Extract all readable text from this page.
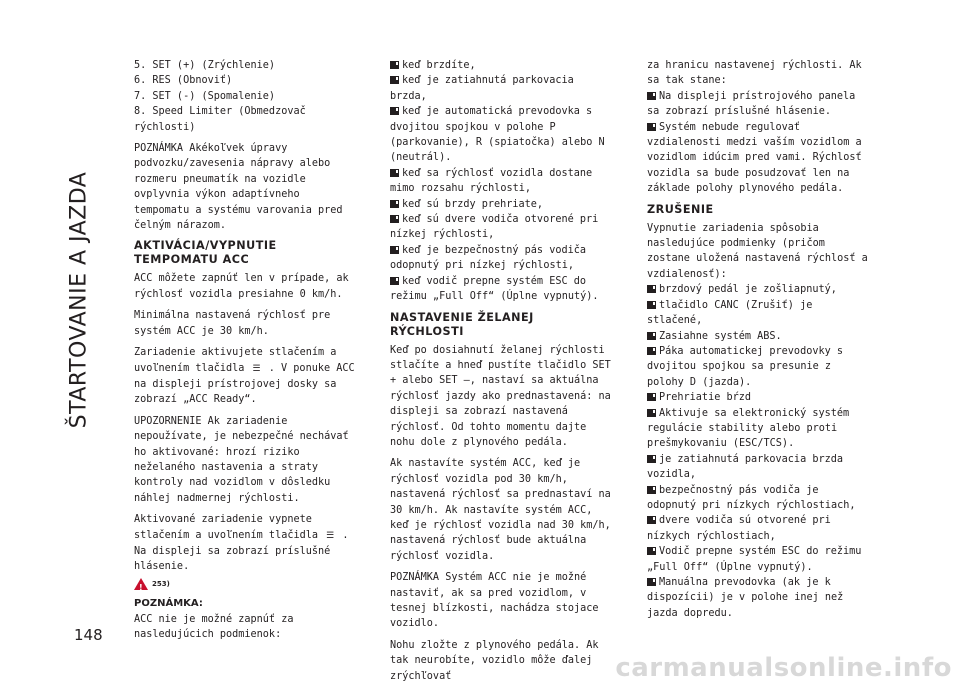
ŠTARTOVANIE A JAZDA
148
carmanualsonline.info
5. SET (+) (Zrýchlenie)
6. RES (Obnoviť)
7. SET (-) (Spomalenie)
8. Speed Limiter (Obmedzovač rýchlosti)
POZNÁMKA Akékoľvek úpravy podvozku/zavesenia nápravy alebo rozmeru pneumatík na vozidle ovplyvnia výkon adaptívneho tempomatu a systému varovania pred čelným nárazom.
AKTIVÁCIA/VYPNUTIE
TEMPOMATU ACC
ACC môžete zapnúť len v prípade, ak rýchlosť vozidla presiahne 0 km/h.
Minimálna nastavená rýchlosť pre systém ACC je 30 km/h.
Zariadenie aktivujete stlačením a uvoľnením tlačidla ☰ . V ponuke ACC na displeji prístrojovej dosky sa zobrazí „ACC Ready“.
UPOZORNENIE Ak zariadenie nepoužívate, je nebezpečné nechávať ho aktivované: hrozí riziko neželaného nastavenia a straty kontroly nad vozidlom v dôsledku náhlej nadmernej rýchlosti.
Aktivované zariadenie vypnete stlačením a uvoľnením tlačidla ☰ . Na displeji sa zobrazí príslušné hlásenie.
! 253)
POZNÁMKA:
ACC nie je možné zapnúť za nasledujúcich podmienok:
keď brzdíte,
keď je zatiahnutá parkovacia brzda,
keď je automatická prevodovka s dvojitou spojkou v polohe P (parkovanie), R (spiatočka) alebo N (neutrál).
keď sa rýchlosť vozidla dostane mimo rozsahu rýchlosti,
keď sú brzdy prehriate,
keď sú dvere vodiča otvorené pri nízkej rýchlosti,
keď je bezpečnostný pás vodiča odopnutý pri nízkej rýchlosti,
keď vodič prepne systém ESC do režimu „Full Off“ (Úplne vypnutý).
NASTAVENIE ŽELANEJ
RÝCHLOSTI
Keď po dosiahnutí želanej rýchlosti stlačíte a hneď pustíte tlačidlo SET + alebo SET –, nastaví sa aktuálna rýchlosť jazdy ako prednastavená: na displeji sa zobrazí nastavená rýchlosť. Od tohto momentu dajte nohu dole z plynového pedála.
Ak nastavíte systém ACC, keď je rýchlosť vozidla pod 30 km/h, nastavená rýchlosť sa prednastaví na 30 km/h. Ak nastavíte systém ACC, keď je rýchlosť vozidla nad 30 km/h, nastavená rýchlosť bude aktuálna rýchlosť vozidla.
POZNÁMKA Systém ACC nie je možné nastaviť, ak sa pred vozidlom, v tesnej blízkosti, nachádza stojace vozidlo.
Nohu zložte z plynového pedála. Ak tak neurobíte, vozidlo môže ďalej zrýchľovať
za hranicu nastavenej rýchlosti. Ak sa tak stane:
Na displeji prístrojového panela sa zobrazí príslušné hlásenie.
Systém nebude regulovať vzdialenosti medzi vaším vozidlom a vozidlom idúcim pred vami. Rýchlosť vozidla sa bude posudzovať len na základe polohy plynového pedála.
ZRUŠENIE
Vypnutie zariadenia spôsobia nasledujúce podmienky (pričom zostane uložená nastavená rýchlosť a vzdialenosť):
brzdový pedál je zošliapnutý,
tlačidlo CANC (Zrušiť) je stlačené,
Zasiahne systém ABS.
Páka automatickej prevodovky s dvojitou spojkou sa presunie z polohy D (jazda).
Prehriatie bŕzd
Aktivuje sa elektronický systém regulácie stability alebo proti prešmykovaniu (ESC/TCS).
je zatiahnutá parkovacia brzda vozidla,
bezpečnostný pás vodiča je odopnutý pri nízkych rýchlostiach,
dvere vodiča sú otvorené pri nízkych rýchlostiach,
Vodič prepne systém ESC do režimu „Full Off“ (Úplne vypnutý).
Manuálna prevodovka (ak je k dispozícii) je v polohe inej než jazda dopredu.
